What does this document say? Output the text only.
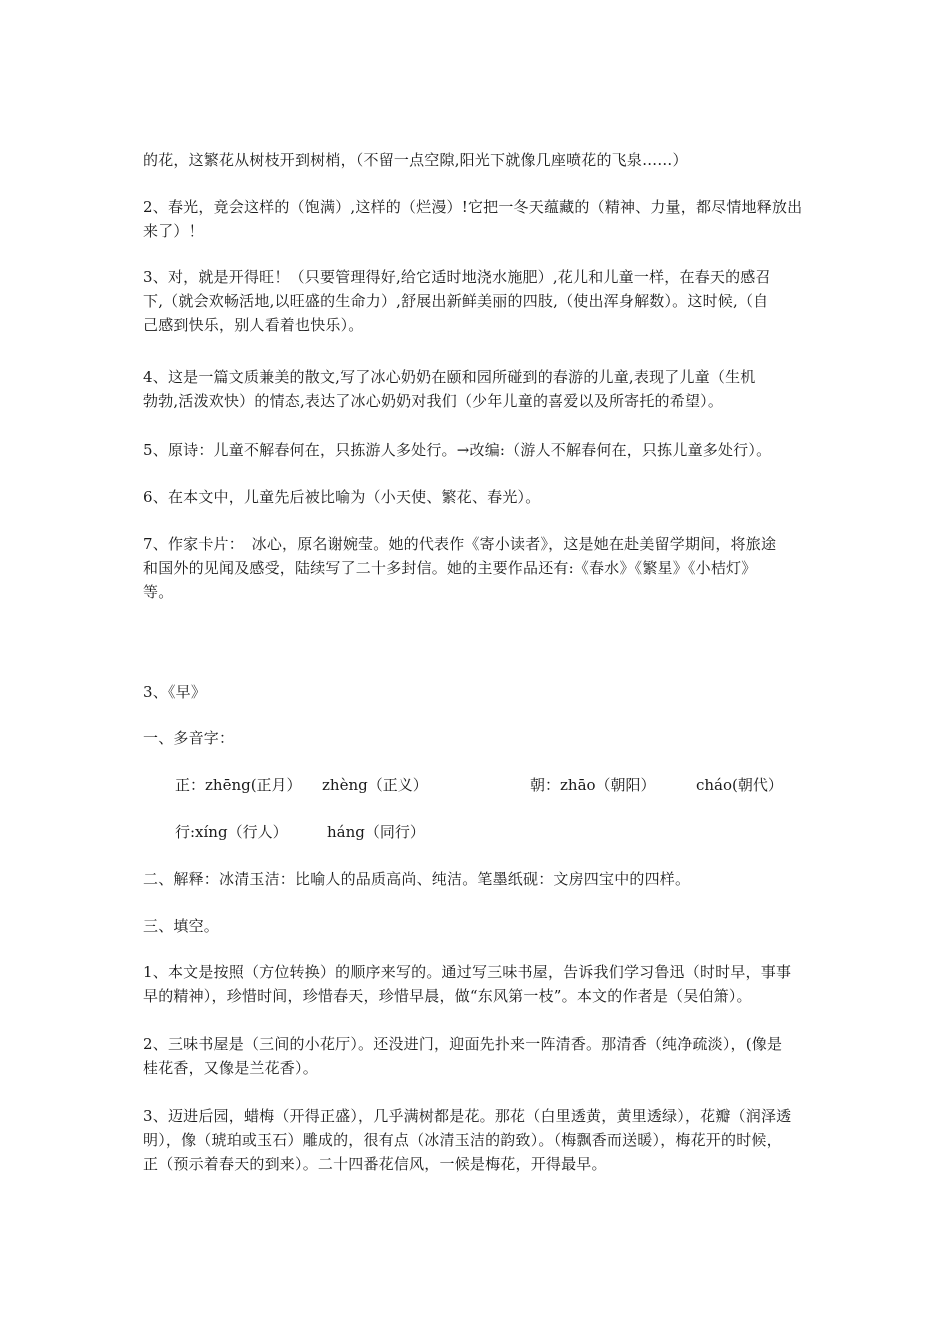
的花，这繁花从树枝开到树梢，（不留一点空隙,阳光下就像几座喷花的飞泉……）

2、春光，竟会这样的（饱满）,这样的（烂漫）!它把一冬天蕴藏的（精神、力量，都尽情地释放出
来了）！

3、对，就是开得旺！（只要管理得好,给它适时地浇水施肥）,花儿和儿童一样，在春天的感召
下,（就会欢畅活地,以旺盛的生命力）,舒展出新鲜美丽的四肢,（使出浑身解数）。这时候,（自
己感到快乐，别人看着也快乐）。

4、这是一篇文质兼美的散文,写了冰心奶奶在颐和园所碰到的春游的儿童,表现了儿童（生机
勃勃,活泼欢快）的情态,表达了冰心奶奶对我们（少年儿童的喜爱以及所寄托的希望）。

5、原诗：儿童不解春何在，只拣游人多处行。→改编:（游人不解春何在，只拣儿童多处行）。

6、在本文中，儿童先后被比喻为（小天使、繁花、春光）。

7、作家卡片：　冰心，原名谢婉莹。她的代表作《寄小读者》，这是她在赴美留学期间，将旅途
和国外的见闻及感受，陆续写了二十多封信。她的主要作品还有:《春水》《繁星》《小桔灯》
等。

3、《早》

一、多音字：

正：zhēng(正月） zhèng（正义）	朝：zhāo（朝阳）	cháo(朝代）
行:xíng（行人）	háng（同行）

二、解释：冰清玉洁：比喻人的品质高尚、纯洁。笔墨纸砚：文房四宝中的四样。

三、填空。

1、本文是按照（方位转换）的顺序来写的。通过写三味书屋，告诉我们学习鲁迅（时时早，事事
早的精神），珍惜时间，珍惜春天，珍惜早晨，做“东风第一枝”。本文的作者是（吴伯箫）。

2、三味书屋是（三间的小花厅）。还没进门，迎面先扑来一阵清香。那清香（纯净疏淡），(像是
桂花香，又像是兰花香）。

3、迈进后园，蜡梅（开得正盛），几乎满树都是花。那花（白里透黄，黄里透绿），花瓣（润泽透
明），像（琥珀或玉石）雕成的，很有点（冰清玉洁的韵致）。（梅飘香而送暖），梅花开的时候，
正（预示着春天的到来）。二十四番花信风，一候是梅花，开得最早。
